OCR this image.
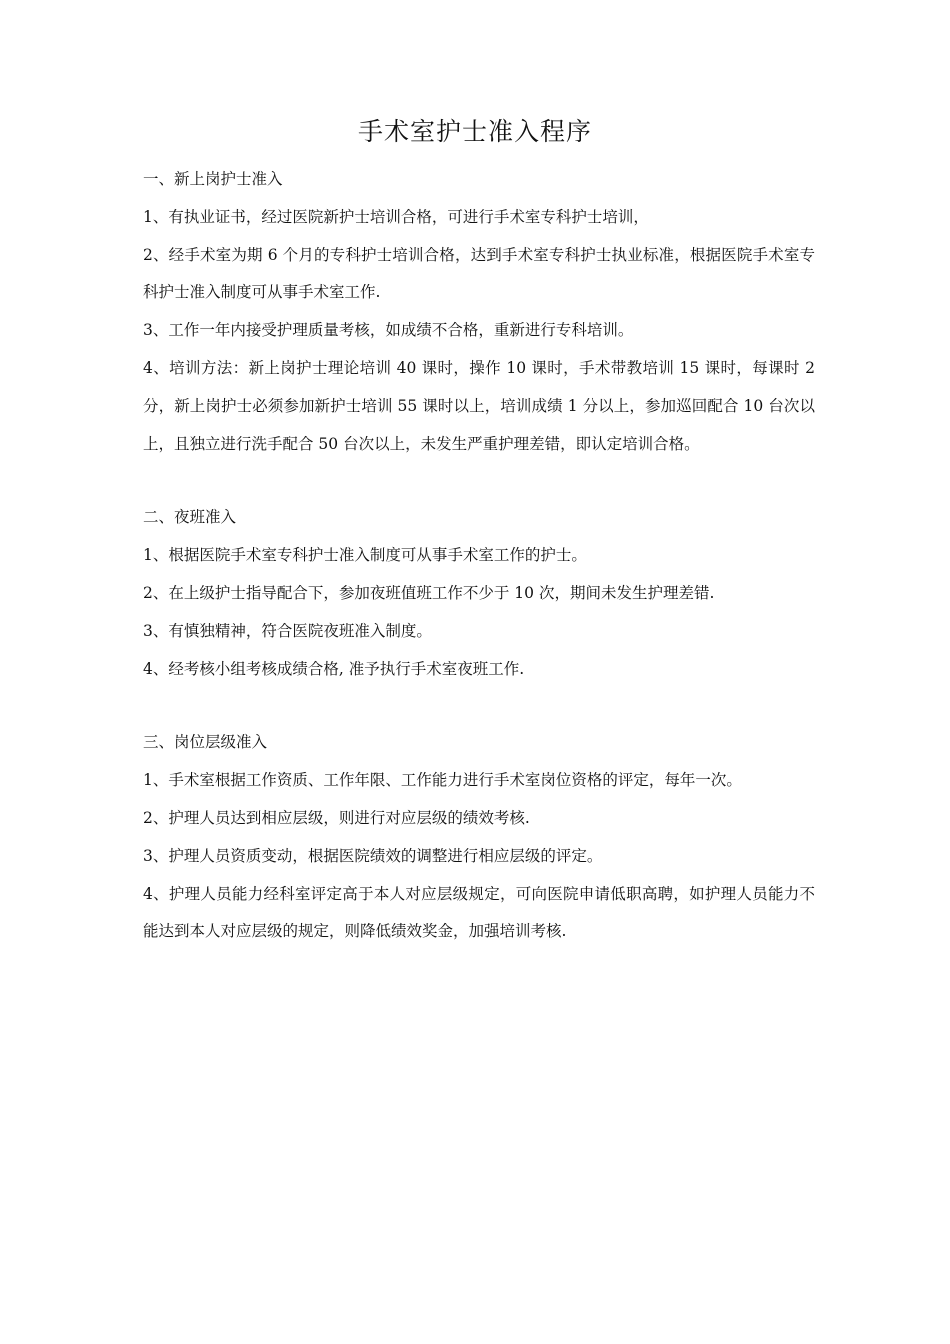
手术室护士准入程序

一、新上岗护士准入

1、有执业证书，经过医院新护士培训合格，可进行手术室专科护士培训，

2、经手术室为期 6 个月的专科护士培训合格，达到手术室专科护士执业标准，根据医院手术室专科护士准入制度可从事手术室工作.

3、工作一年内接受护理质量考核，如成绩不合格，重新进行专科培训。

4、培训方法：新上岗护士理论培训 40 课时，操作 10 课时，手术带教培训 15 课时，每课时 2 分，新上岗护士必须参加新护士培训 55 课时以上，培训成绩 1 分以上，参加巡回配合 10 台次以上，且独立进行洗手配合 50 台次以上，未发生严重护理差错，即认定培训合格。

二、夜班准入

1、根据医院手术室专科护士准入制度可从事手术室工作的护士。

2、在上级护士指导配合下，参加夜班值班工作不少于 10 次，期间未发生护理差错.

3、有慎独精神，符合医院夜班准入制度。

4、经考核小组考核成绩合格, 准予执行手术室夜班工作.

三、岗位层级准入

1、手术室根据工作资质、工作年限、工作能力进行手术室岗位资格的评定，每年一次。

2、护理人员达到相应层级，则进行对应层级的绩效考核.

3、护理人员资质变动，根据医院绩效的调整进行相应层级的评定。

4、护理人员能力经科室评定高于本人对应层级规定，可向医院申请低职高聘，如护理人员能力不能达到本人对应层级的规定，则降低绩效奖金，加强培训考核.
